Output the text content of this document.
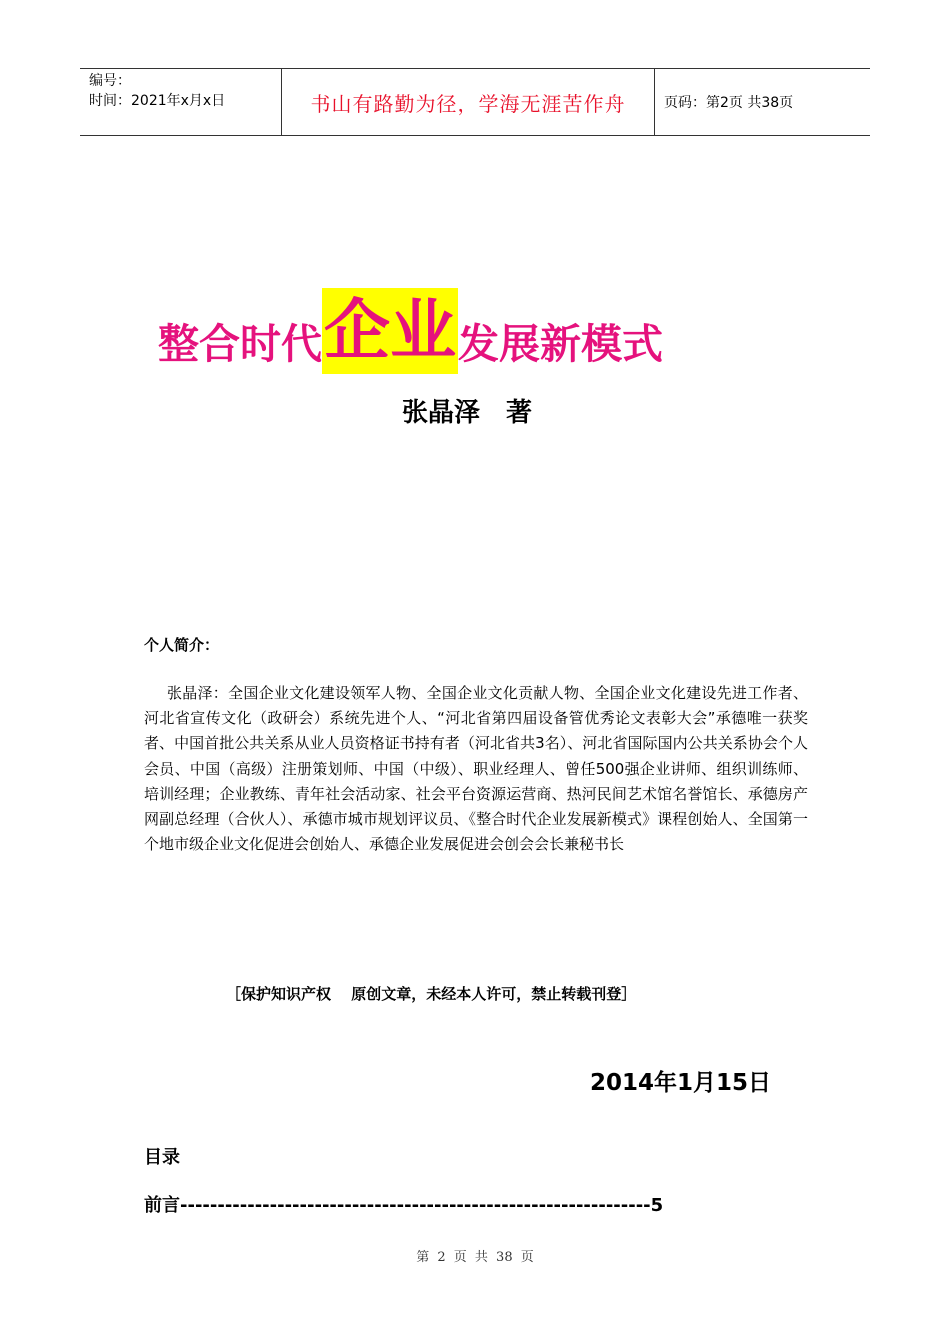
编号：
时间：2021年x月x日	书山有路勤为径，学海无涯苦作舟	页码：第2页 共38页
整合时代 企业 发展新模式
张晶泽　著
个人简介：
张晶泽：全国企业文化建设领军人物、全国企业文化贡献人物、全国企业文化建设先进工作者、河北省宣传文化（政研会）系统先进个人、“河北省第四届设备管优秀论文表彰大会”承德唯一获奖者、中国首批公共关系从业人员资格证书持有者（河北省共3名）、河北省国际国内公共关系协会个人会员、中国（高级）注册策划师、中国（中级）、职业经理人、曾任500强企业讲师、组织训练师、培训经理；企业教练、青年社会活动家、社会平台资源运营商、热河民间艺术馆名誉馆长、承德房产网副总经理（合伙人）、承德市城市规划评议员、《整合时代企业发展新模式》课程创始人、全国第一个地市级企业文化促进会创始人、承德企业发展促进会创会会长兼秘书长
［保护知识产权　 原创文章，未经本人许可，禁止转载刊登］
2014年1月15日
目录
前言---------------------------------------------------------------5
第 2 页 共 38 页
